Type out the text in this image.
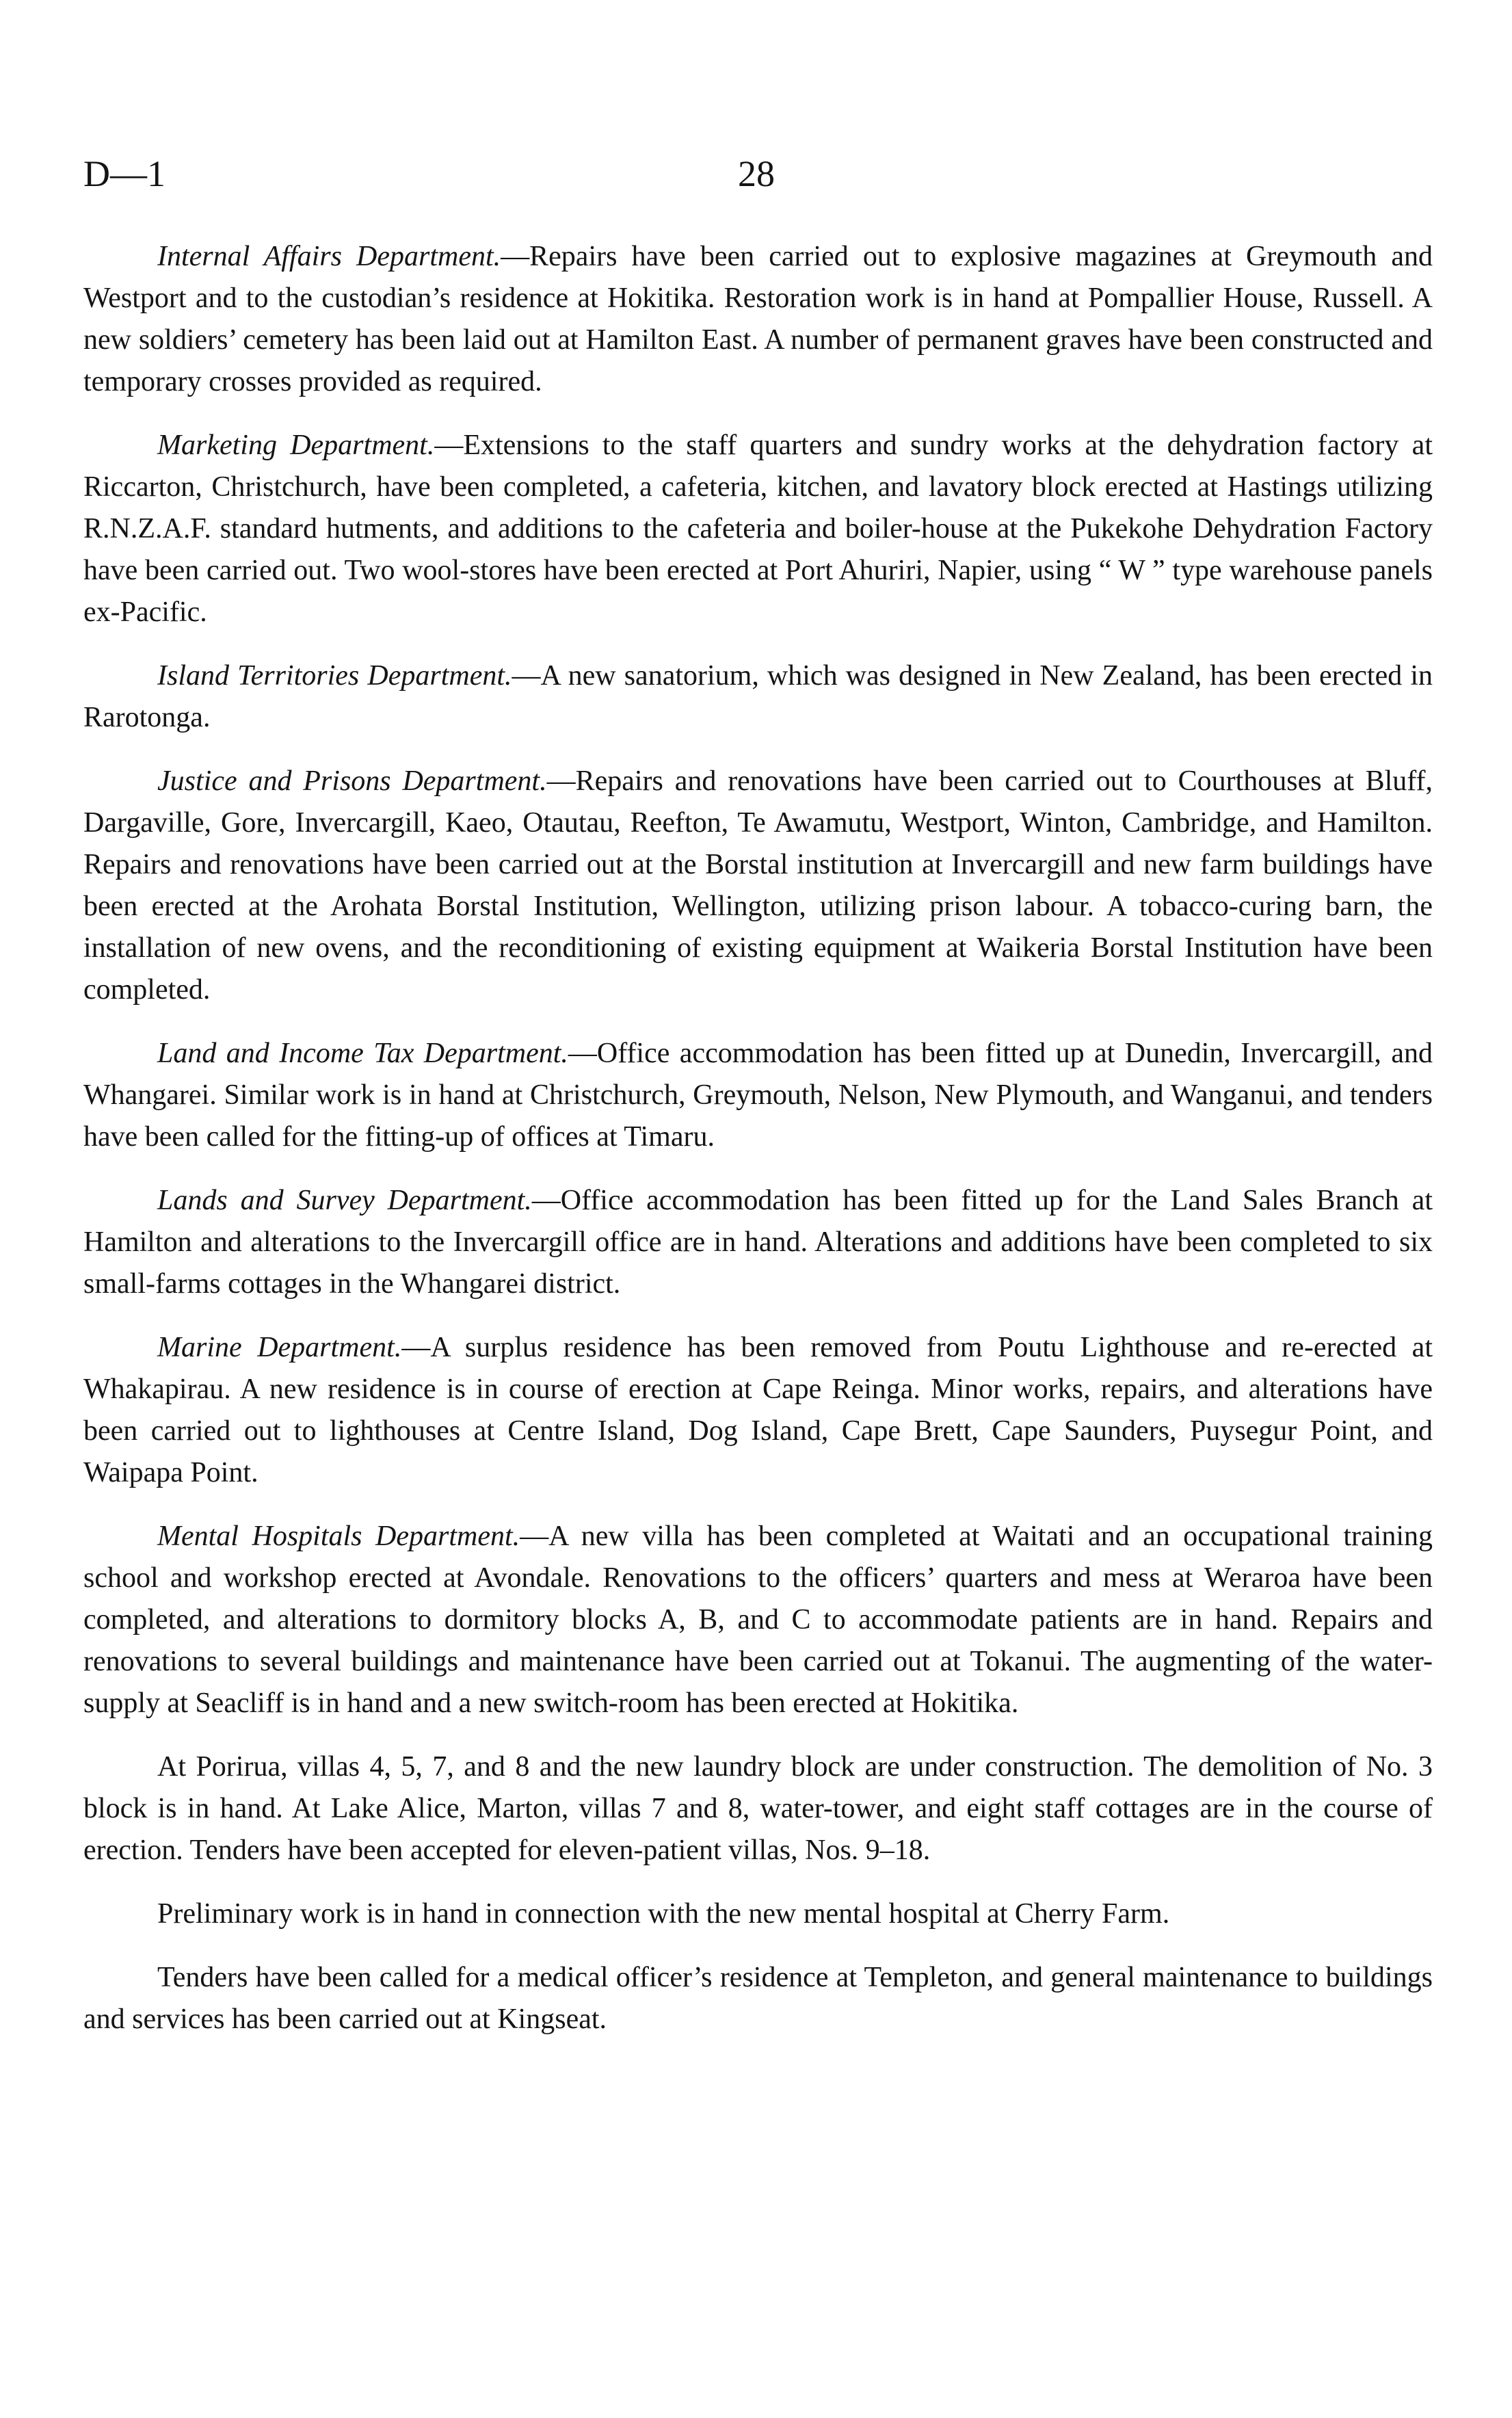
D—1	28

Internal Affairs Department.—Repairs have been carried out to explosive magazines at Greymouth and Westport and to the custodian’s residence at Hokitika. Restoration work is in hand at Pompallier House, Russell. A new soldiers’ cemetery has been laid out at Hamilton East. A number of permanent graves have been constructed and temporary crosses provided as required.

Marketing Department.—Extensions to the staff quarters and sundry works at the dehydration factory at Riccarton, Christchurch, have been completed, a cafeteria, kitchen, and lavatory block erected at Hastings utilizing R.N.Z.A.F. standard hutments, and additions to the cafeteria and boiler-house at the Pukekohe Dehydration Factory have been carried out. Two wool-stores have been erected at Port Ahuriri, Napier, using “ W ” type warehouse panels ex-Pacific.

Island Territories Department.—A new sanatorium, which was designed in New Zealand, has been erected in Rarotonga.

Justice and Prisons Department.—Repairs and renovations have been carried out to Courthouses at Bluff, Dargaville, Gore, Invercargill, Kaeo, Otautau, Reefton, Te Awamutu, Westport, Winton, Cambridge, and Hamilton. Repairs and renovations have been carried out at the Borstal institution at Invercargill and new farm buildings have been erected at the Arohata Borstal Institution, Wellington, utilizing prison labour. A tobacco-curing barn, the installation of new ovens, and the reconditioning of existing equipment at Waikeria Borstal Institution have been completed.

Land and Income Tax Department.—Office accommodation has been fitted up at Dunedin, Invercargill, and Whangarei. Similar work is in hand at Christchurch, Greymouth, Nelson, New Plymouth, and Wanganui, and tenders have been called for the fitting-up of offices at Timaru.

Lands and Survey Department.—Office accommodation has been fitted up for the Land Sales Branch at Hamilton and alterations to the Invercargill office are in hand. Alterations and additions have been completed to six small-farms cottages in the Whangarei district.

Marine Department.—A surplus residence has been removed from Poutu Lighthouse and re-erected at Whakapirau. A new residence is in course of erection at Cape Reinga. Minor works, repairs, and alterations have been carried out to lighthouses at Centre Island, Dog Island, Cape Brett, Cape Saunders, Puysegur Point, and Waipapa Point.

Mental Hospitals Department.—A new villa has been completed at Waitati and an occupational training school and workshop erected at Avondale. Renovations to the officers’ quarters and mess at Weraroa have been completed, and alterations to dormitory blocks A, B, and C to accommodate patients are in hand. Repairs and renovations to several buildings and maintenance have been carried out at Tokanui. The augmenting of the water-supply at Seacliff is in hand and a new switch-room has been erected at Hokitika.

At Porirua, villas 4, 5, 7, and 8 and the new laundry block are under construction. The demolition of No. 3 block is in hand. At Lake Alice, Marton, villas 7 and 8, water-tower, and eight staff cottages are in the course of erection. Tenders have been accepted for eleven-patient villas, Nos. 9–18.

Preliminary work is in hand in connection with the new mental hospital at Cherry Farm.

Tenders have been called for a medical officer’s residence at Templeton, and general maintenance to buildings and services has been carried out at Kingseat.
